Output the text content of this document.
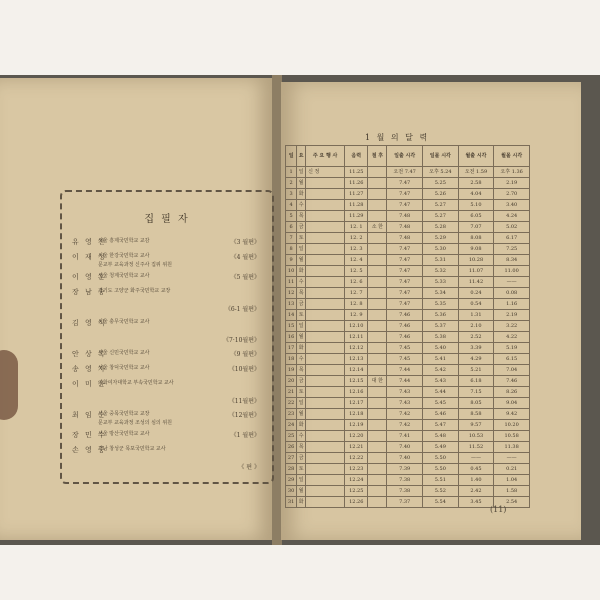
집 필 자
유 영 찬
서울 흥제국민학교 교감	《3 월편》
이 재 성
서울 한강국민학교 교사	《4 월편》
문교부 교육과정 신주사 집위 위원
이 영 훈
서울 청계국민학교 교사	《5 월편》
장 남 송
경기도 고양군 화주국민학교 교장
《6-1 월편》
김 영 식
서울 충무국민학교 교사
《7·10월편》
안 상 록
서울 신민국민학교 교사	《9 월편》
송 영 자
서울 창덕국민학교 교사	《10월편》
이 미 윤
이화여자대학교 부속국민학교 교사
《11월편》
최 임 순
서울 중목국민학교 교장	《12월편》
문교부 교육과정 조성의 심의 위원
장 민 수
서울 방산국민학교 교사	《1 월편》
손 영 중
경남 창성군 목포국민학교 교사
《 편 》
1 월 의 달 력
일	요	주 요 행 사	음력	절 후	일출 시각	일몰 시각	월출 시각	월몰 시각
1	일	신 정	11.25		오전 7.47	오후 5.24	오전 1.59	오후 1.36
2	월		11.26		7.47	5.25	2.58	2.19
3	화		11.27		7.47	5.26	4.04	2.70
4	수		11.28		7.47	5.27	5.10	3.40
5	목		11.29		7.48	5.27	6.05	4.24
6	금		12. 1	소 한	7.48	5.28	7.07	5.02
7	토		12. 2		7.48	5.29	8.08	6.17
8	일		12. 3		7.47	5.30	9.08	7.25
9	월		12. 4		7.47	5.31	10.28	8.34
10	화		12. 5		7.47	5.32	11.07	11.00
11	수		12. 6		7.47	5.33	11.42	——
12	목		12. 7		7.47	5.34	0.24	0.08
13	금		12. 8		7.47	5.35	0.54	1.16
14	토		12. 9		7.46	5.36	1.31	2.19
15	일		12.10		7.46	5.37	2.10	3.22
16	월		12.11		7.46	5.38	2.52	4.22
17	화		12.12		7.45	5.40	3.39	5.19
18	수		12.13		7.45	5.41	4.29	6.15
19	목		12.14		7.44	5.42	5.21	7.04
20	금		12.15	대 한	7.44	5.43	6.18	7.46
21	토		12.16		7.43	5.44	7.15	8.26
22	일		12.17		7.43	5.45	8.05	9.04
23	월		12.18		7.42	5.46	8.58	9.42
24	화		12.19		7.42	5.47	9.57	10.20
25	수		12.20		7.41	5.48	10.53	10.58
26	목		12.21		7.40	5.49	11.52	11.38
27	금		12.22		7.40	5.50	——	——
28	토		12.23		7.39	5.50	0.45	0.21
29	일		12.24		7.38	5.51	1.40	1.04
30	월		12.25		7.38	5.52	2.42	1.58
31	화		12.26		7.37	5.54	3.45	2.54
(11)
